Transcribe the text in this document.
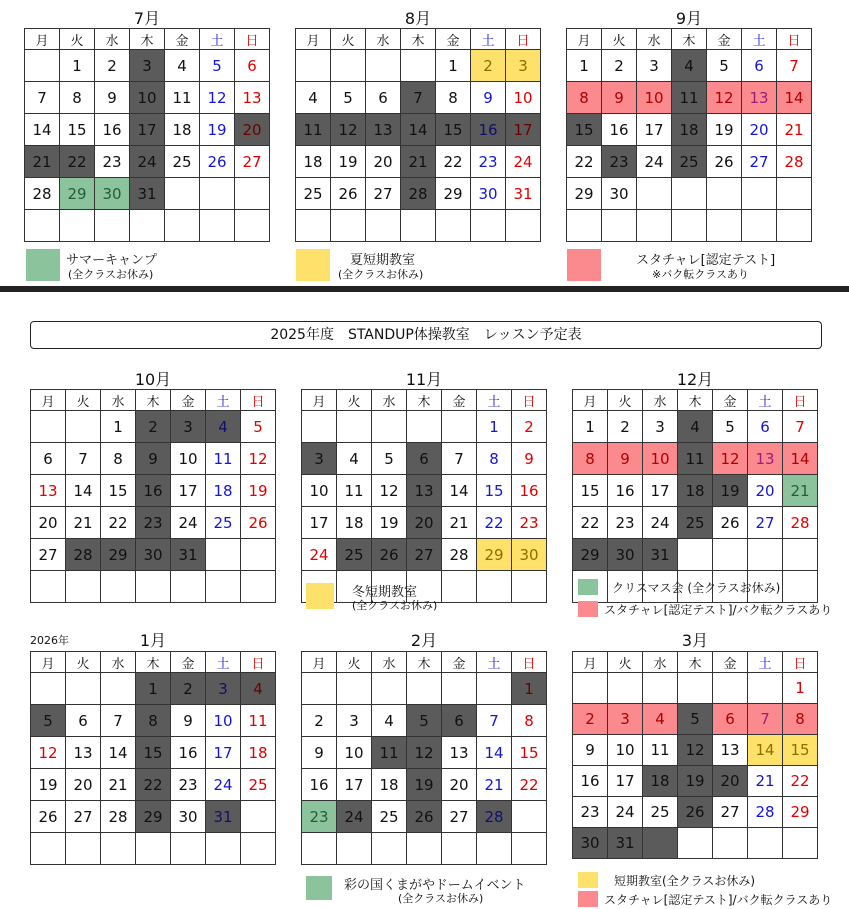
7月	8月	9月
10月	11月	12月
1月	2月	3月
月	火	水	木	金	土	日
	1	2	3	4	5	6
7	8	9	10	11	12	13
14	15	16	17	18	19	20
21	22	23	24	25	26	27
28	29	30	31			

月	火	水	木	金	土	日
				1	2	3
4	5	6	7	8	9	10
11	12	13	14	15	16	17
18	19	20	21	22	23	24
25	26	27	28	29	30	31

月	火	水	木	金	土	日
1	2	3	4	5	6	7
8	9	10	11	12	13	14
15	16	17	18	19	20	21
22	23	24	25	26	27	28
29	30					

月	火	水	木	金	土	日
		1	2	3	4	5
6	7	8	9	10	11	12
13	14	15	16	17	18	19
20	21	22	23	24	25	26
27	28	29	30	31		

月	火	水	木	金	土	日
					1	2
3	4	5	6	7	8	9
10	11	12	13	14	15	16
17	18	19	20	21	22	23
24	25	26	27	28	29	30

月	火	水	木	金	土	日
1	2	3	4	5	6	7
8	9	10	11	12	13	14
15	16	17	18	19	20	21
22	23	24	25	26	27	28
29	30	31				

月	火	水	木	金	土	日
			1	2	3	4
5	6	7	8	9	10	11
12	13	14	15	16	17	18
19	20	21	22	23	24	25
26	27	28	29	30	31	

月	火	水	木	金	土	日
						1
2	3	4	5	6	7	8
9	10	11	12	13	14	15
16	17	18	19	20	21	22
23	24	25	26	27	28	

月	火	水	木	金	土	日
						1
2	3	4	5	6	7	8
9	10	11	12	13	14	15
16	17	18	19	20	21	22
23	24	25	26	27	28	29
30	31					
サマーキャンプ
(全クラスお休み)
夏短期教室
(全クラスお休み)
スタチャレ[認定テスト]
※バク転クラスあり
2025年度　STANDUP体操教室　レッスン予定表
冬短期教室
(全クラスお休み)
クリスマス会 (全クラスお休み)
スタチャレ[認定テスト]/バク転クラスあり
2026年
彩の国くまがやドームイベント
(全クラスお休み)
短期教室(全クラスお休み)
スタチャレ[認定テスト]/バク転クラスあり
